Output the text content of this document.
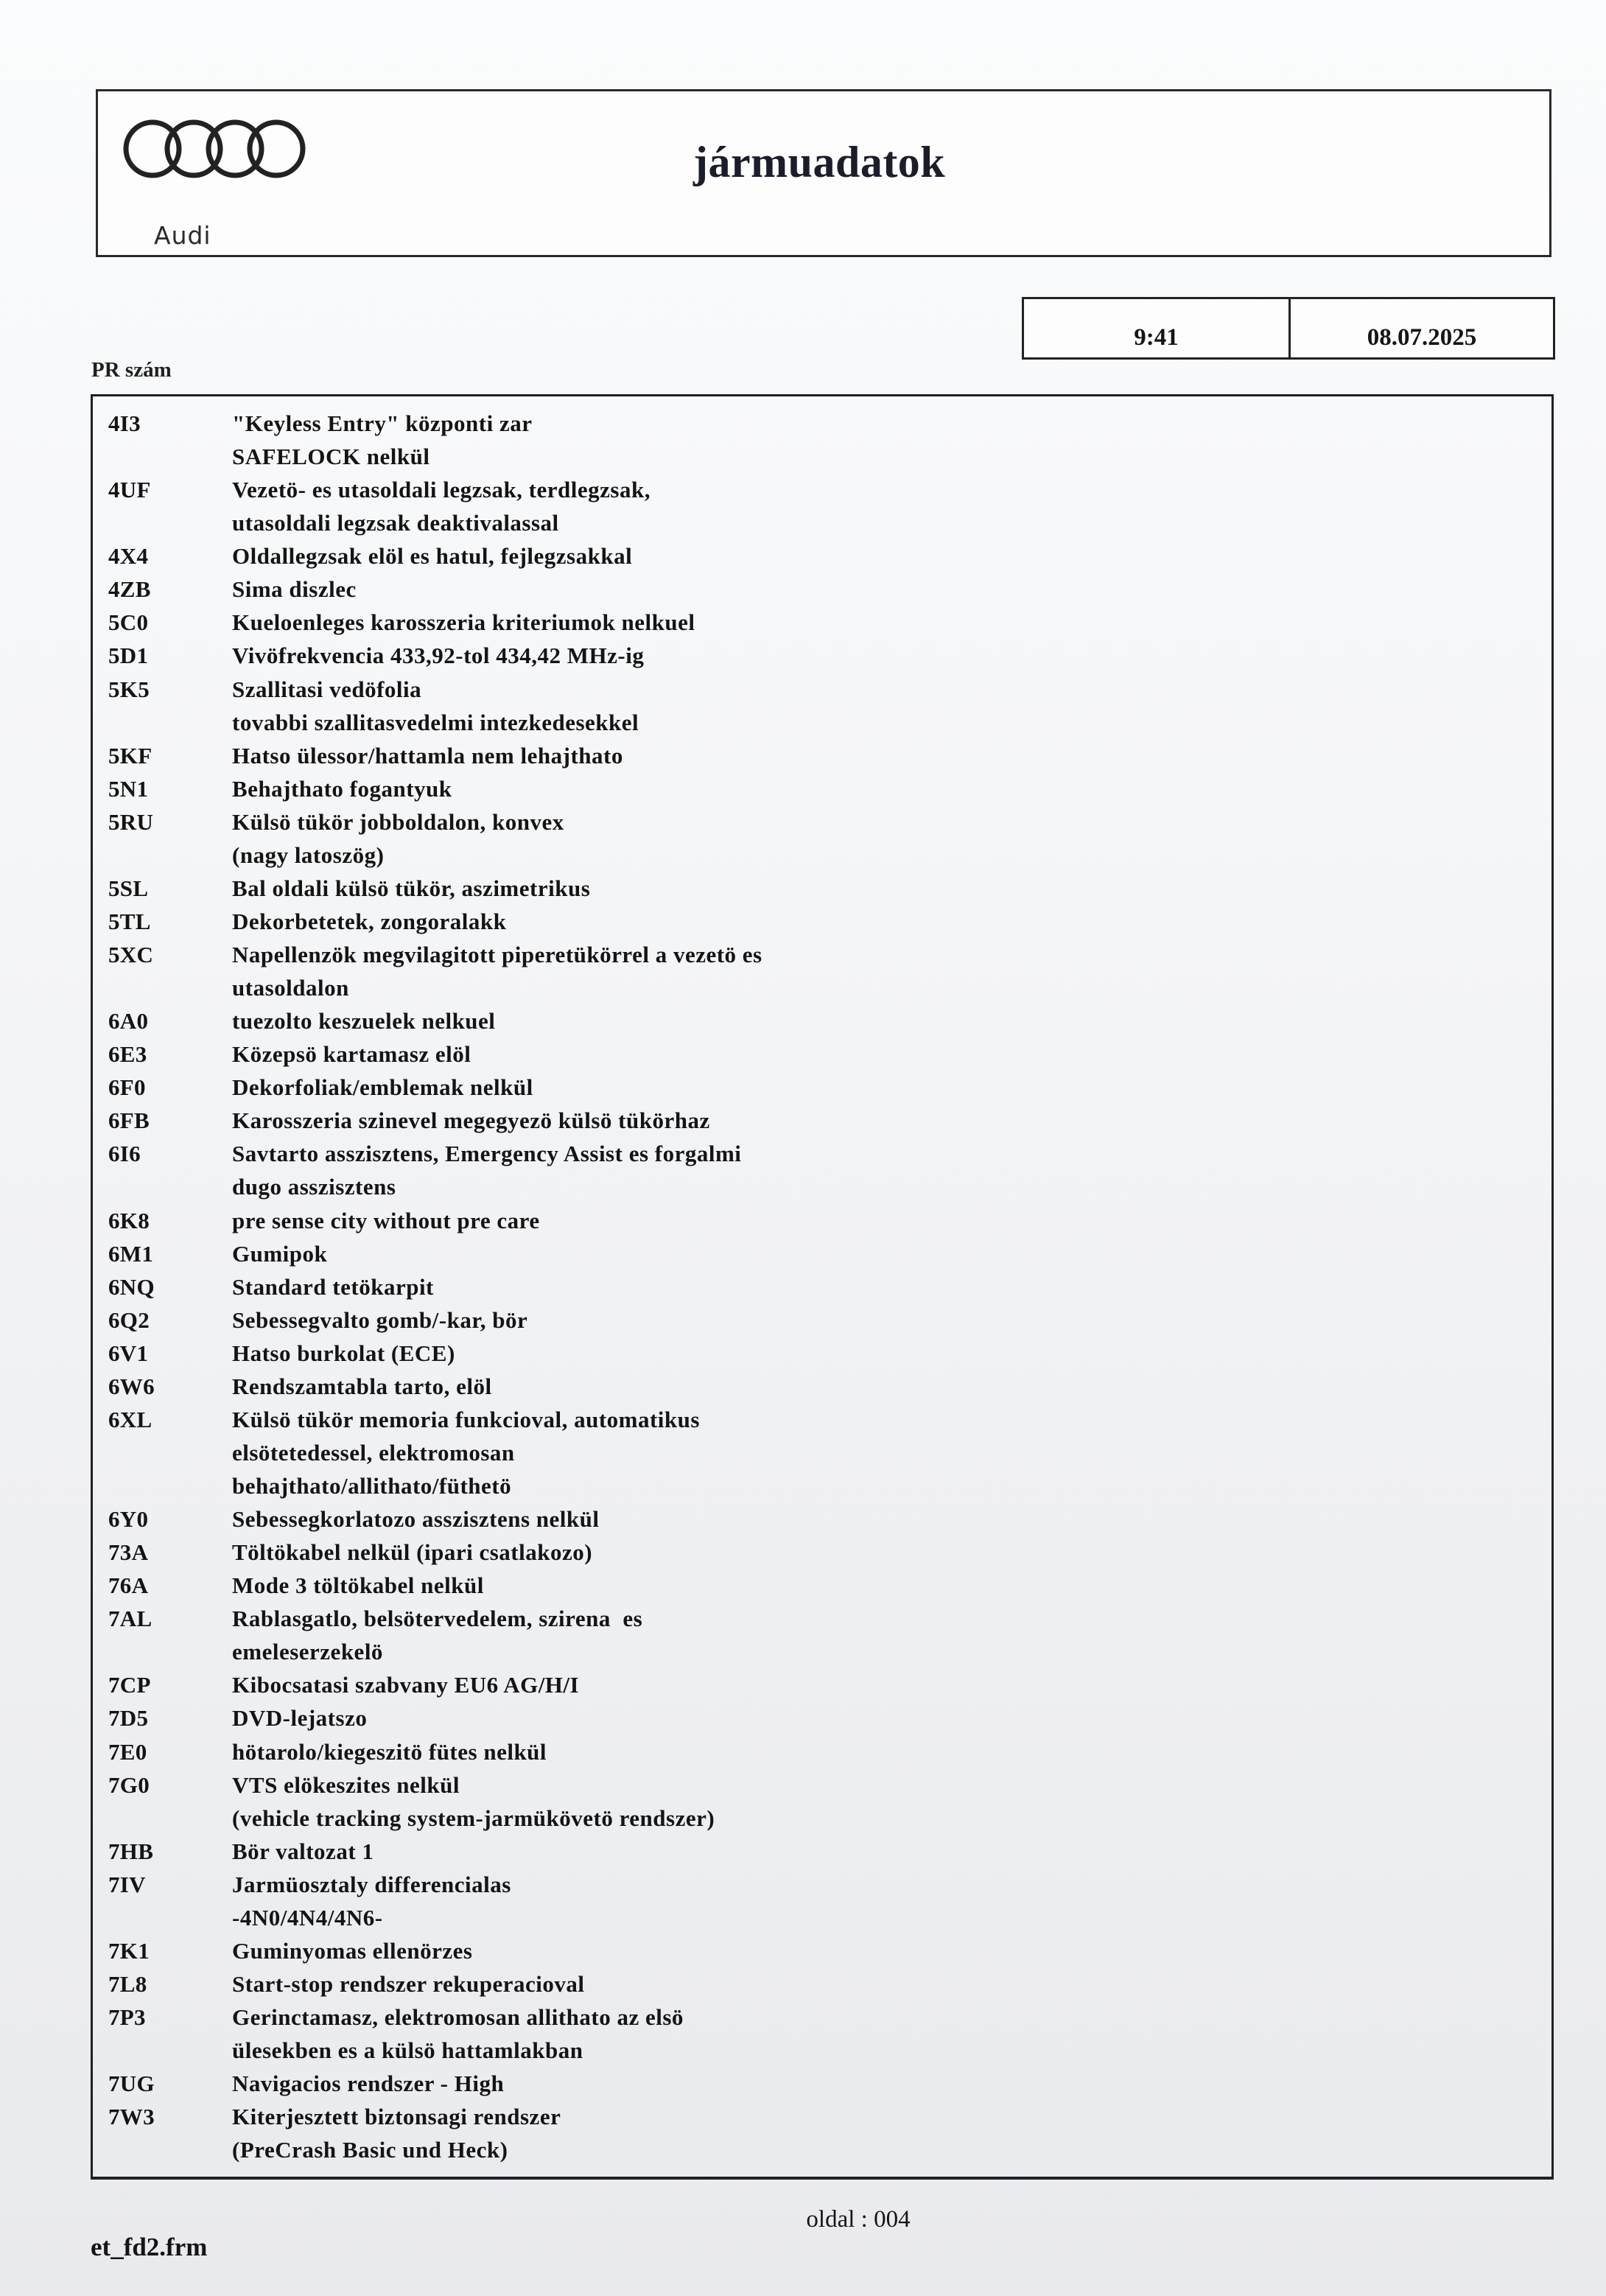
Audi
jármuadatok
PR szám
9:41	08.07.2025
4I3	"Keyless Entry" központi zar
SAFELOCK nelkül
4UF	Vezetö- es utasoldali legzsak, terdlegzsak,
utasoldali legzsak deaktivalassal
4X4	Oldallegzsak elöl es hatul, fejlegzsakkal
4ZB	Sima diszlec
5C0	Kueloenleges karosszeria kriteriumok nelkuel
5D1	Vivöfrekvencia 433,92-tol 434,42 MHz-ig
5K5	Szallitasi vedöfolia
tovabbi szallitasvedelmi intezkedesekkel
5KF	Hatso ülessor/hattamla nem lehajthato
5N1	Behajthato fogantyuk
5RU	Külsö tükör jobboldalon, konvex
(nagy latoszög)
5SL	Bal oldali külsö tükör, aszimetrikus
5TL	Dekorbetetek, zongoralakk
5XC	Napellenzök megvilagitott piperetükörrel a vezetö es
utasoldalon
6A0	tuezolto keszuelek nelkuel
6E3	Közepsö kartamasz elöl
6F0	Dekorfoliak/emblemak nelkül
6FB	Karosszeria szinevel megegyezö külsö tükörhaz
6I6	Savtarto asszisztens, Emergency Assist es forgalmi
dugo asszisztens
6K8	pre sense city without pre care
6M1	Gumipok
6NQ	Standard tetökarpit
6Q2	Sebessegvalto gomb/-kar, bör
6V1	Hatso burkolat (ECE)
6W6	Rendszamtabla tarto, elöl
6XL	Külsö tükör memoria funkcioval, automatikus
elsötetedessel, elektromosan
behajthato/allithato/füthetö
6Y0	Sebessegkorlatozo asszisztens nelkül
73A	Töltökabel nelkül (ipari csatlakozo)
76A	Mode 3 töltökabel nelkül
7AL	Rablasgatlo, belsötervedelem, szirena  es
emeleserzekelö
7CP	Kibocsatasi szabvany EU6 AG/H/I
7D5	DVD-lejatszo
7E0	hötarolo/kiegeszitö fütes nelkül
7G0	VTS elökeszites nelkül
(vehicle tracking system-jarmükövetö rendszer)
7HB	Bör valtozat 1
7IV	Jarmüosztaly differencialas
-4N0/4N4/4N6-
7K1	Guminyomas ellenörzes
7L8	Start-stop rendszer rekuperacioval
7P3	Gerinctamasz, elektromosan allithato az elsö
ülesekben es a külsö hattamlakban
7UG	Navigacios rendszer - High
7W3	Kiterjesztett biztonsagi rendszer
(PreCrash Basic und Heck)
oldal : 004
et_fd2.frm
